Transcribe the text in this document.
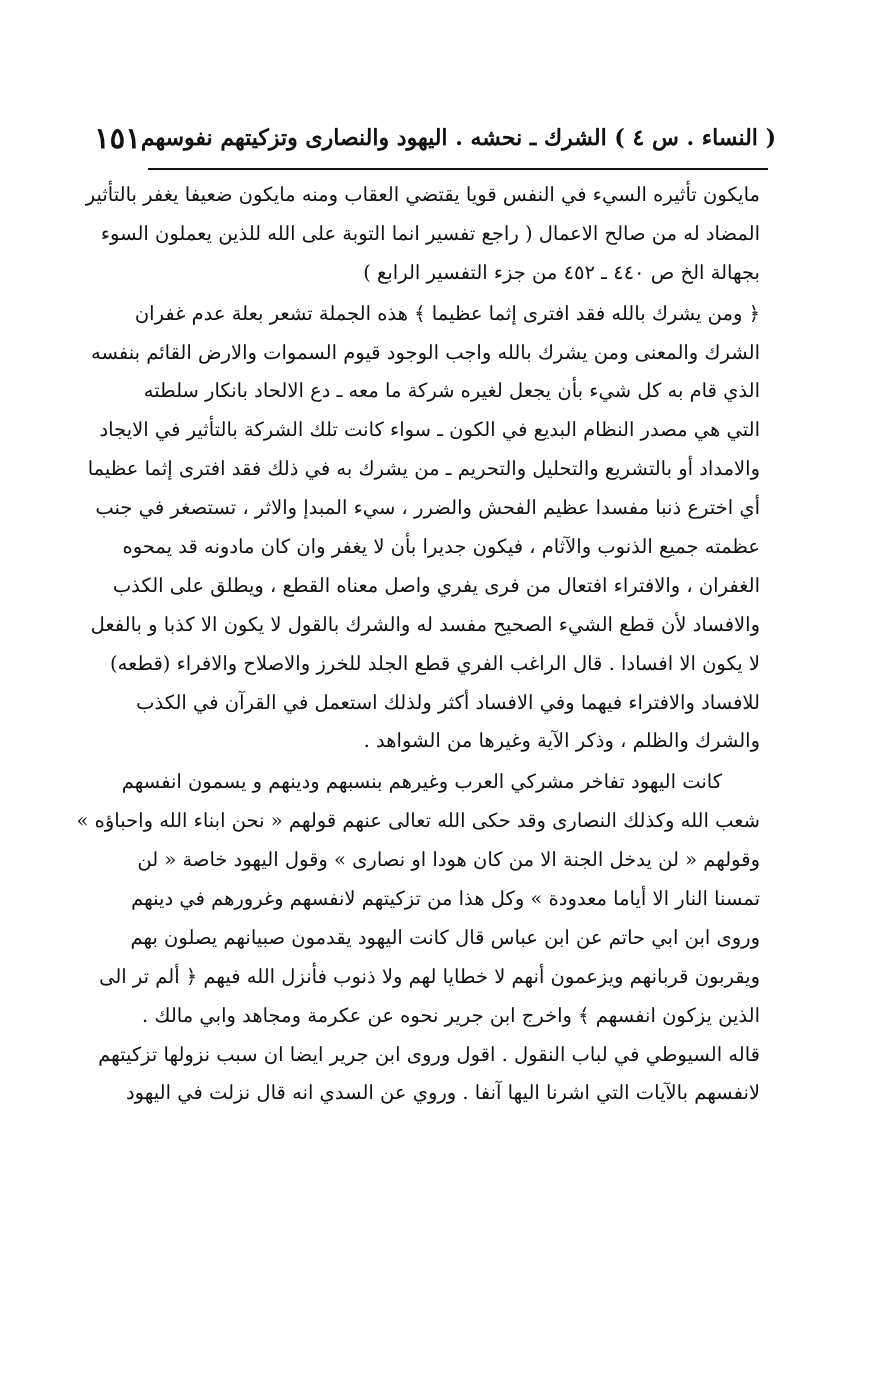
( النساء . س ٤ ) الشرك ـ نحشه . اليهود والنصارى وتزكيتهم نفوسهم
١٥١
مايكون تأثيره السيء في النفس قويا يقتضي العقاب ومنه مايكون ضعيفا يغفر بالتأثير
المضاد له من صالح الاعمال ( راجع تفسير انما التوبة على الله للذين يعملون السوء
بجهالة الخ ص ٤٤٠ ـ ٤٥٢ من جزء التفسير الرابع )
﴿ ومن يشرك بالله فقد افترى إثما عظيما ﴾ هذه الجملة تشعر بعلة عدم غفران
الشرك والمعنى ومن يشرك بالله واجب الوجود قيوم السموات والارض القائم بنفسه
الذي قام به كل شيء بأن يجعل لغيره شركة ما معه ـ دع الالحاد بانكار سلطته
التي هي مصدر النظام البديع في الكون ـ سواء كانت تلك الشركة بالتأثير في الايجاد
والامداد أو بالتشريع والتحليل والتحريم ـ من يشرك به في ذلك فقد افترى إثما عظيما
أي اخترع ذنبا مفسدا عظيم الفحش والضرر ، سيء المبدإ والاثر ، تستصغر في جنب
عظمته جميع الذنوب والآثام ، فيكون جديرا بأن لا يغفر وان كان مادونه قد يمحوه
الغفران ، والافتراء افتعال من فرى يفري واصل معناه القطع ، ويطلق على الكذب
والافساد لأن قطع الشيء الصحيح مفسد له والشرك بالقول لا يكون الا كذبا و بالفعل
لا يكون الا افسادا . قال الراغب الفري قطع الجلد للخرز والاصلاح والافراء (قطعه)
للافساد والافتراء فيهما وفي الافساد أكثر ولذلك استعمل في القرآن في الكذب
والشرك والظلم ، وذكر الآية وغيرها من الشواهد .
كانت اليهود تفاخر مشركي العرب وغيرهم بنسبهم ودينهم و يسمون انفسهم
شعب الله وكذلك النصارى وقد حكى الله تعالى عنهم قولهم « نحن ابناء الله واحباؤه »
وقولهم « لن يدخل الجنة الا من كان هودا او نصارى » وقول اليهود خاصة « لن
تمسنا النار الا أياما معدودة » وكل هذا من تزكيتهم لانفسهم وغرورهم في دينهم
وروى ابن ابي حاتم عن ابن عباس قال كانت اليهود يقدمون صبيانهم يصلون بهم
ويقربون قربانهم ويزعمون أنهم لا خطايا لهم ولا ذنوب فأنزل الله فيهم ﴿ ألم تر الى
الذين يزكون انفسهم ﴾ واخرج ابن جرير نحوه عن عكرمة ومجاهد وابي مالك .
قاله السيوطي في لباب النقول . اقول وروى ابن جرير ايضا ان سبب نزولها تزكيتهم
لانفسهم بالآيات التي اشرنا اليها آنفا . وروي عن السدي انه قال نزلت في اليهود
